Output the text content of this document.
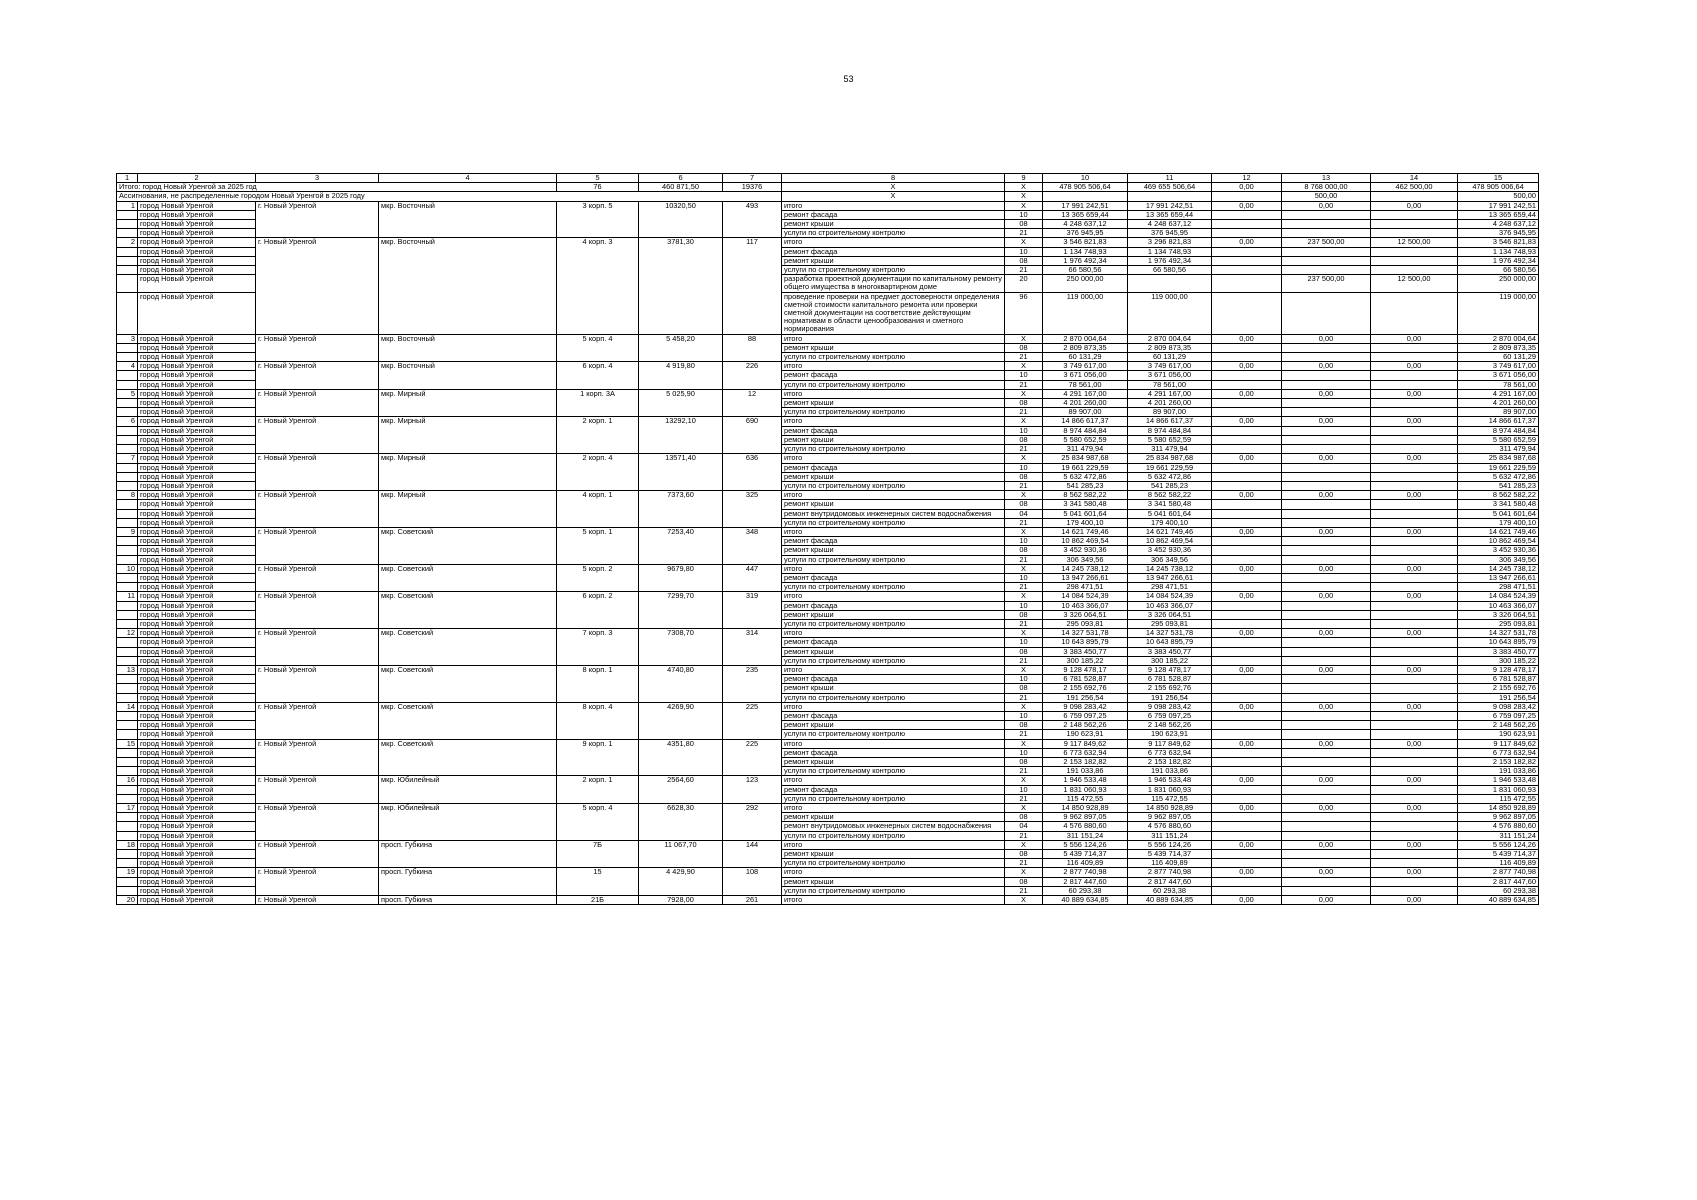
53
1	2	3	4	5	6	7	8	9	10	11	12	13	14	15
Итого: город Новый Уренгой за 2025 год				76	460 871,50	19376	Х	Х	478 905 506,64	469 655 506,64	0,00	8 768 000,00	462 500,00	478 905 006,64
Ассигнования, не распределенные городом Новый Уренгой в 2025 году							Х	Х				500,00		500,00
1	город Новый Уренгой	г. Новый Уренгой	мкр. Восточный	3 корп. 5	10320,50	493	итого	Х	17 991 242,51	17 991 242,51	0,00	0,00	0,00	17 991 242,51
	город Новый Уренгой						ремонт фасада	10	13 365 659,44	13 365 659,44				13 365 659,44
	город Новый Уренгой						ремонт крыши	08	4 248 637,12	4 248 637,12				4 248 637,12
	город Новый Уренгой						услуги по строительному контролю	21	376 945,95	376 945,95				376 945,95
2	город Новый Уренгой	г. Новый Уренгой	мкр. Восточный	4 корп. 3	3781,30	117	итого	Х	3 546 821,83	3 296 821,83	0,00	237 500,00	12 500,00	3 546 821,83
	город Новый Уренгой						ремонт фасада	10	1 134 748,93	1 134 748,93				1 134 748,93
	город Новый Уренгой						ремонт крыши	08	1 976 492,34	1 976 492,34				1 976 492,34
	город Новый Уренгой						услуги по строительному контролю	21	66 580,56	66 580,56				66 580,56
	город Новый Уренгой						разработка проектной документации по капитальному ремонту общего имущества в многоквартирном доме	20	250 000,00			237 500,00	12 500,00	250 000,00
	город Новый Уренгой						проведение проверки на предмет достоверности определения сметной стоимости капитального ремонта или проверки сметной документации на соответствие действующим нормативам в области ценообразования и сметного нормирования	96	119 000,00	119 000,00				119 000,00
3	город Новый Уренгой	г. Новый Уренгой	мкр. Восточный	5 корп. 4	5 458,20	88	итого	Х	2 870 004,64	2 870 004,64	0,00	0,00	0,00	2 870 004,64
	город Новый Уренгой						ремонт крыши	08	2 809 873,35	2 809 873,35				2 809 873,35
	город Новый Уренгой						услуги по строительному контролю	21	60 131,29	60 131,29				60 131,29
4	город Новый Уренгой	г. Новый Уренгой	мкр. Восточный	6 корп. 4	4 919,80	226	итого	Х	3 749 617,00	3 749 617,00	0,00	0,00	0,00	3 749 617,00
	город Новый Уренгой						ремонт фасада	10	3 671 056,00	3 671 056,00				3 671 056,00
	город Новый Уренгой						услуги по строительному контролю	21	78 561,00	78 561,00				78 561,00
5	город Новый Уренгой	г. Новый Уренгой	мкр. Мирный	1 корп. 3А	5 025,90	12	итого	Х	4 291 167,00	4 291 167,00	0,00	0,00	0,00	4 291 167,00
	город Новый Уренгой						ремонт крыши	08	4 201 260,00	4 201 260,00				4 201 260,00
	город Новый Уренгой						услуги по строительному контролю	21	89 907,00	89 907,00				89 907,00
6	город Новый Уренгой	г. Новый Уренгой	мкр. Мирный	2 корп. 1	13292,10	690	итого	Х	14 866 617,37	14 866 617,37	0,00	0,00	0,00	14 866 617,37
	город Новый Уренгой						ремонт фасада	10	8 974 484,84	8 974 484,84				8 974 484,84
	город Новый Уренгой						ремонт крыши	08	5 580 652,59	5 580 652,59				5 580 652,59
	город Новый Уренгой						услуги по строительному контролю	21	311 479,94	311 479,94				311 479,94
7	город Новый Уренгой	г. Новый Уренгой	мкр. Мирный	2 корп. 4	13571,40	636	итого	Х	25 834 987,68	25 834 987,68	0,00	0,00	0,00	25 834 987,68
	город Новый Уренгой						ремонт фасада	10	19 661 229,59	19 661 229,59				19 661 229,59
	город Новый Уренгой						ремонт крыши	08	5 632 472,86	5 632 472,86				5 632 472,86
	город Новый Уренгой						услуги по строительному контролю	21	541 285,23	541 285,23				541 285,23
8	город Новый Уренгой	г. Новый Уренгой	мкр. Мирный	4 корп. 1	7373,60	325	итого	Х	8 562 582,22	8 562 582,22	0,00	0,00	0,00	8 562 582,22
	город Новый Уренгой						ремонт крыши	08	3 341 580,48	3 341 580,48				3 341 580,48
	город Новый Уренгой						ремонт внутридомовых инженерных систем водоснабжения	04	5 041 601,64	5 041 601,64				5 041 601,64
	город Новый Уренгой						услуги по строительному контролю	21	179 400,10	179 400,10				179 400,10
9	город Новый Уренгой	г. Новый Уренгой	мкр. Советский	5 корп. 1	7253,40	348	итого	Х	14 621 749,46	14 621 749,46	0,00	0,00	0,00	14 621 749,46
	город Новый Уренгой						ремонт фасада	10	10 862 469,54	10 862 469,54				10 862 469,54
	город Новый Уренгой						ремонт крыши	08	3 452 930,36	3 452 930,36				3 452 930,36
	город Новый Уренгой						услуги по строительному контролю	21	306 349,56	306 349,56				306 349,56
10	город Новый Уренгой	г. Новый Уренгой	мкр. Советский	5 корп. 2	9679,80	447	итого	Х	14 245 738,12	14 245 738,12	0,00	0,00	0,00	14 245 738,12
	город Новый Уренгой						ремонт фасада	10	13 947 266,61	13 947 266,61				13 947 266,61
	город Новый Уренгой						услуги по строительному контролю	21	298 471,51	298 471,51				298 471,51
11	город Новый Уренгой	г. Новый Уренгой	мкр. Советский	6 корп. 2	7299,70	319	итого	Х	14 084 524,39	14 084 524,39	0,00	0,00	0,00	14 084 524,39
	город Новый Уренгой						ремонт фасада	10	10 463 366,07	10 463 366,07				10 463 366,07
	город Новый Уренгой						ремонт крыши	08	3 326 064,51	3 326 064,51				3 326 064,51
	город Новый Уренгой						услуги по строительному контролю	21	295 093,81	295 093,81				295 093,81
12	город Новый Уренгой	г. Новый Уренгой	мкр. Советский	7 корп. 3	7308,70	314	итого	Х	14 327 531,78	14 327 531,78	0,00	0,00	0,00	14 327 531,78
	город Новый Уренгой						ремонт фасада	10	10 643 895,79	10 643 895,79				10 643 895,79
	город Новый Уренгой						ремонт крыши	08	3 383 450,77	3 383 450,77				3 383 450,77
	город Новый Уренгой						услуги по строительному контролю	21	300 185,22	300 185,22				300 185,22
13	город Новый Уренгой	г. Новый Уренгой	мкр. Советский	8 корп. 1	4740,80	235	итого	Х	9 128 478,17	9 128 478,17	0,00	0,00	0,00	9 128 478,17
	город Новый Уренгой						ремонт фасада	10	6 781 528,87	6 781 528,87				6 781 528,87
	город Новый Уренгой						ремонт крыши	08	2 155 692,76	2 155 692,76				2 155 692,76
	город Новый Уренгой						услуги по строительному контролю	21	191 256,54	191 256,54				191 256,54
14	город Новый Уренгой	г. Новый Уренгой	мкр. Советский	8 корп. 4	4269,90	225	итого	Х	9 098 283,42	9 098 283,42	0,00	0,00	0,00	9 098 283,42
	город Новый Уренгой						ремонт фасада	10	6 759 097,25	6 759 097,25				6 759 097,25
	город Новый Уренгой						ремонт крыши	08	2 148 562,26	2 148 562,26				2 148 562,26
	город Новый Уренгой						услуги по строительному контролю	21	190 623,91	190 623,91				190 623,91
15	город Новый Уренгой	г. Новый Уренгой	мкр. Советский	9 корп. 1	4351,80	225	итого	Х	9 117 849,62	9 117 849,62	0,00	0,00	0,00	9 117 849,62
	город Новый Уренгой						ремонт фасада	10	6 773 632,94	6 773 632,94				6 773 632,94
	город Новый Уренгой						ремонт крыши	08	2 153 182,82	2 153 182,82				2 153 182,82
	город Новый Уренгой						услуги по строительному контролю	21	191 033,86	191 033,86				191 033,86
16	город Новый Уренгой	г. Новый Уренгой	мкр. Юбилейный	2 корп. 1	2564,60	123	итого	Х	1 946 533,48	1 946 533,48	0,00	0,00	0,00	1 946 533,48
	город Новый Уренгой						ремонт фасада	10	1 831 060,93	1 831 060,93				1 831 060,93
	город Новый Уренгой						услуги по строительному контролю	21	115 472,55	115 472,55				115 472,55
17	город Новый Уренгой	г. Новый Уренгой	мкр. Юбилейный	5 корп. 4	6628,30	292	итого	Х	14 850 928,89	14 850 928,89	0,00	0,00	0,00	14 850 928,89
	город Новый Уренгой						ремонт крыши	08	9 962 897,05	9 962 897,05				9 962 897,05
	город Новый Уренгой						ремонт внутридомовых инженерных систем водоснабжения	04	4 576 880,60	4 576 880,60				4 576 880,60
	город Новый Уренгой						услуги по строительному контролю	21	311 151,24	311 151,24				311 151,24
18	город Новый Уренгой	г. Новый Уренгой	просп. Губкина	7Б	11 067,70	144	итого	Х	5 556 124,26	5 556 124,26	0,00	0,00	0,00	5 556 124,26
	город Новый Уренгой						ремонт крыши	08	5 439 714,37	5 439 714,37				5 439 714,37
	город Новый Уренгой						услуги по строительному контролю	21	116 409,89	116 409,89				116 409,89
19	город Новый Уренгой	г. Новый Уренгой	просп. Губкина	15	4 429,90	108	итого	Х	2 877 740,98	2 877 740,98	0,00	0,00	0,00	2 877 740,98
	город Новый Уренгой						ремонт крыши	08	2 817 447,60	2 817 447,60				2 817 447,60
	город Новый Уренгой						услуги по строительному контролю	21	60 293,38	60 293,38				60 293,38
20	город Новый Уренгой	г. Новый Уренгой	просп. Губкина	21Б	7928,00	261	итого	Х	40 889 634,85	40 889 634,85	0,00	0,00	0,00	40 889 634,85
